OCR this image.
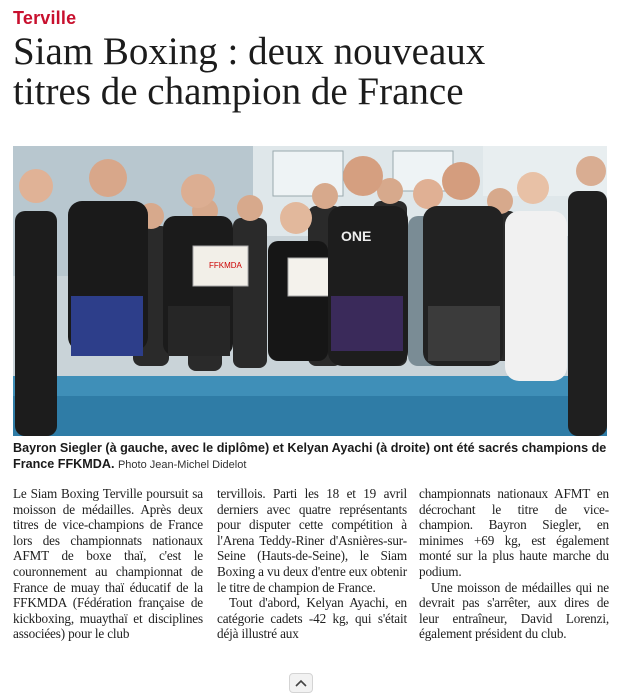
Terville
Siam Boxing : deux nouveaux
titres de champion de France
FFKMDA
ONE
Bayron Siegler (à gauche, avec le diplôme) et Kelyan Ayachi (à droite) ont été sacrés champions de France FFKMDA. Photo Jean-Michel Didelot

Le Siam Boxing Terville poursuit sa moisson de médailles. Après deux titres de vice-champions de France lors des championnats nationaux AFMT de boxe thaï, c'est le couronnement au championnat de France de muay thaï éducatif de la FFKMDA (Fédération française de kickboxing, muaythaï et disciplines associées) pour le club

tervillois. Parti les 18 et 19 avril derniers avec quatre représentants pour disputer cette compétition à l'Arena Teddy-Riner d'Asnières-sur-Seine (Hauts-de-Seine), le Siam Boxing a vu deux d'entre eux obtenir le titre de champion de France.

Tout d'abord, Kelyan Ayachi, en catégorie cadets -42 kg, qui s'était déjà illustré aux

championnats nationaux AFMT en décrochant le titre de vice-champion. Bayron Siegler, en minimes +69 kg, est également monté sur la plus haute marche du podium.

Une moisson de médailles qui ne devrait pas s'arrêter, aux dires de leur entraîneur, David Lorenzi, également président du club.
